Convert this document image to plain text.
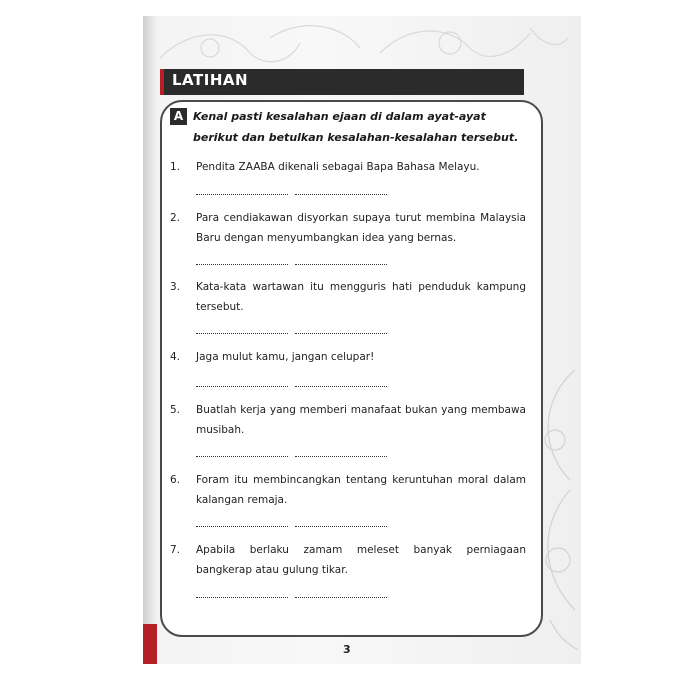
LATIHAN
A Kenal pasti kesalahan ejaan di dalam ayat-ayat berikut dan betulkan kesalahan-kesalahan tersebut.
1.	Pendita ZAABA dikenali sebagai Bapa Bahasa Melayu.
2.	Para cendiakawan disyorkan supaya turut membina Malaysia Baru dengan menyumbangkan idea yang bernas.
3.	Kata-kata wartawan itu mengguris hati penduduk kampung tersebut.
4.	Jaga mulut kamu, jangan celupar!
5.	Buatlah kerja yang memberi manafaat bukan yang membawa musibah.
6.	Foram itu membincangkan tentang keruntuhan moral dalam kalangan remaja.
7.	Apabila berlaku zamam meleset banyak perniagaan bangkerap atau gulung tikar.
3
